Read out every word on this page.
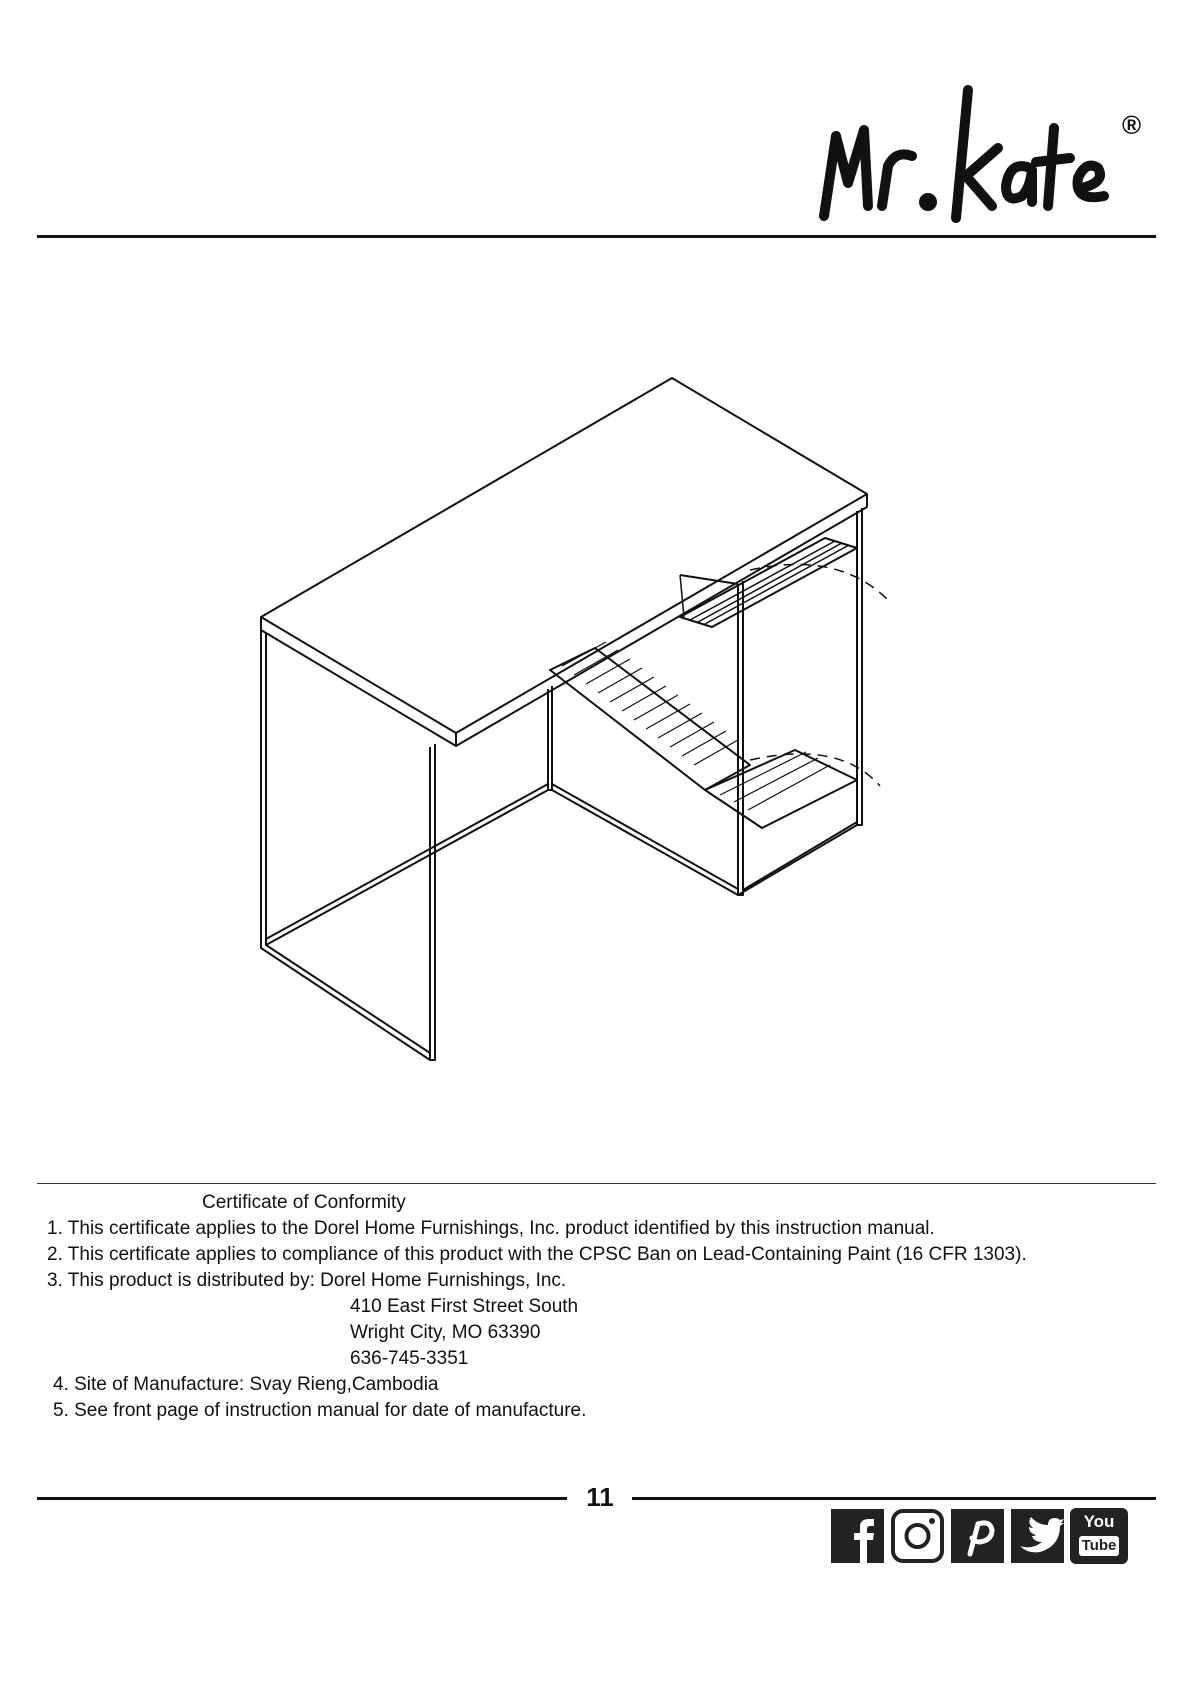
®
Certificate of Conformity
1. This certificate applies to the Dorel Home Furnishings, Inc. product identified by this instruction manual.
2. This certificate applies to compliance of this product with the CPSC Ban on Lead-Containing Paint (16 CFR 1303).
3. This product is distributed by: Dorel Home Furnishings, Inc.
410 East First Street South
Wright City, MO 63390
636-745-3351
4. Site of Manufacture: Svay Rieng,Cambodia
5. See front page of instruction manual for date of manufacture.
11
You
Tube
